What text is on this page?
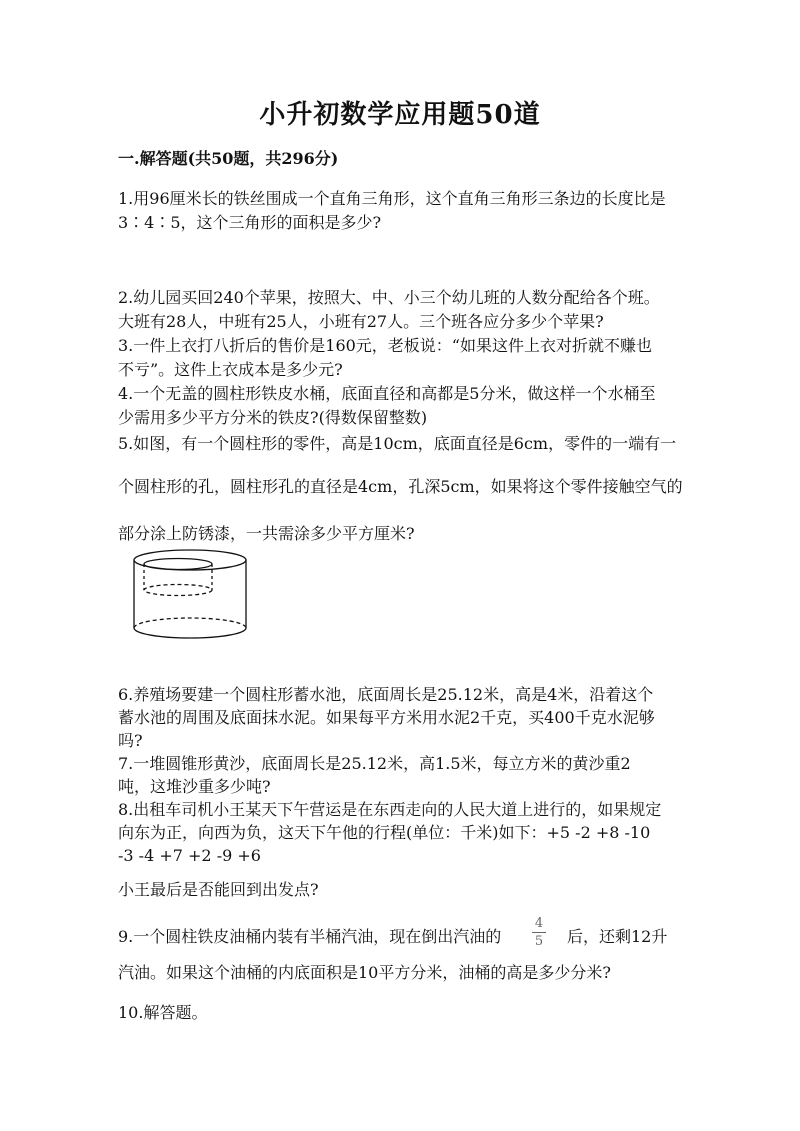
小升初数学应用题50道
一.解答题(共50题，共296分)
1.用96厘米长的铁丝围成一个直角三角形，这个直角三角形三条边的长度比是
3∶4∶5，这个三角形的面积是多少?
2.幼儿园买回240个苹果，按照大、中、小三个幼儿班的人数分配给各个班。
大班有28人，中班有25人，小班有27人。三个班各应分多少个苹果?
3.一件上衣打八折后的售价是160元，老板说：“如果这件上衣对折就不赚也
不亏”。这件上衣成本是多少元?
4.一个无盖的圆柱形铁皮水桶，底面直径和高都是5分米，做这样一个水桶至
少需用多少平方分米的铁皮?(得数保留整数)
5.如图，有一个圆柱形的零件，高是10cm，底面直径是6cm，零件的一端有一
个圆柱形的孔，圆柱形孔的直径是4cm，孔深5cm，如果将这个零件接触空气的
部分涂上防锈漆，一共需涂多少平方厘米?
6.养殖场要建一个圆柱形蓄水池，底面周长是25.12米，高是4米，沿着这个
蓄水池的周围及底面抹水泥。如果每平方米用水泥2千克，买400千克水泥够
吗?
7.一堆圆锥形黄沙，底面周长是25.12米，高1.5米，每立方米的黄沙重2
吨，这堆沙重多少吨?
8.出租车司机小王某天下午营运是在东西走向的人民大道上进行的，如果规定
向东为正，向西为负，这天下午他的行程(单位：千米)如下：+5 -2 +8 -10
-3 -4 +7 +2 -9 +6
小王最后是否能回到出发点?
9.一个圆柱铁皮油桶内装有半桶汽油，现在倒出汽油的
4
5	后，还剩12升
汽油。如果这个油桶的内底面积是10平方分米，油桶的高是多少分米?
10.解答题。
